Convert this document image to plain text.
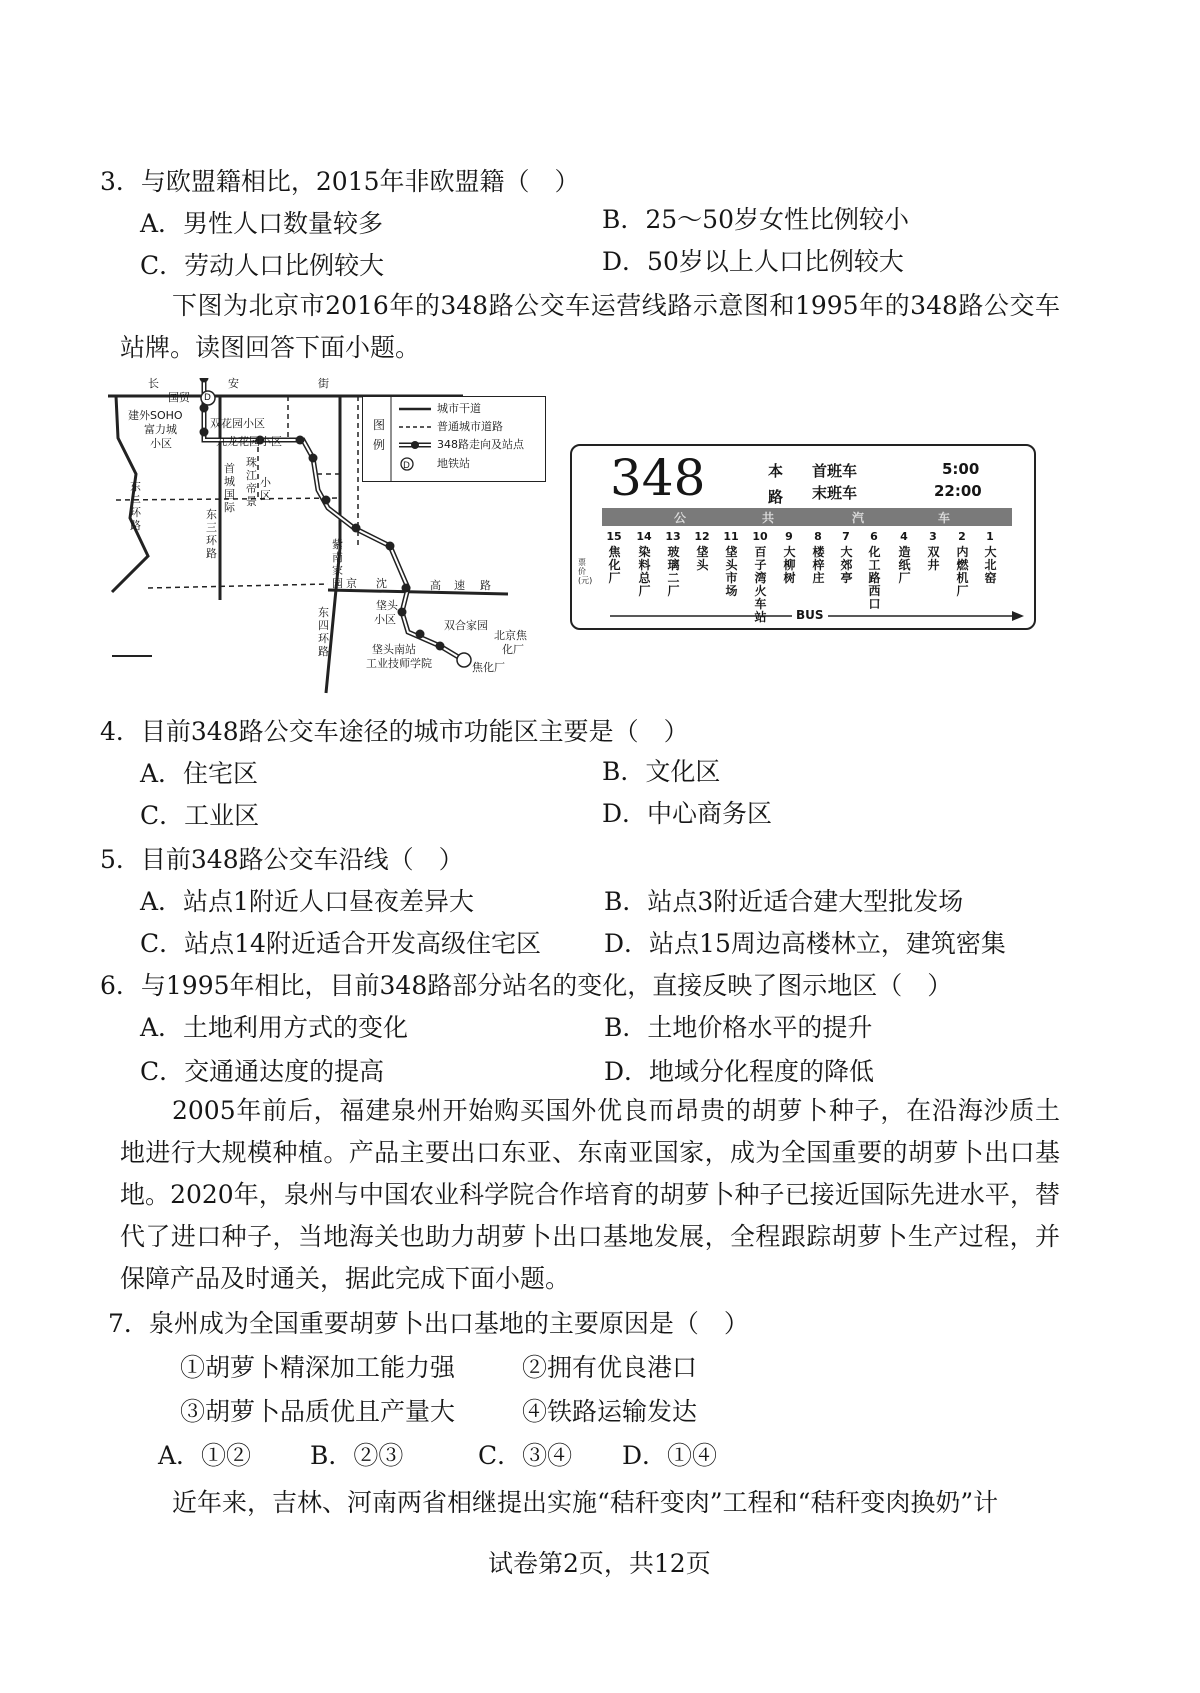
3．与欧盟籍相比，2015年非欧盟籍（　）
A．男性人口数量较多	B．25～50岁女性比例较小
C．劳动人口比例较大	D．50岁以上人口比例较大
下图为北京市2016年的348路公交车运营线路示意图和1995年的348路公交车站牌。读图回答下面小题。
长	安	街
东二环路
东三环路
东四环路
京 沈	高 速 路
国贸
建外SOHO
富力城
小区
双花园小区
九龙花园小区
首城国际
珠江帝景
小区
紫南家园
垡头
小区	双合家园
北京焦
化厂
垡头南站
工业技师学院	焦化厂
D
图例
D
城市干道
普通城市道路
348路走向及站点
地铁站	348	本
路
首班车
末班车
5:00
22:00
公	共	汽	车
15
焦化厂
14
染料总厂
13
玻璃二厂
12
垡头
11
垡头市场
10
百子湾火车站
9
大柳树
8
楼梓庄
7
大郊亭
6
化工路西口
4
造纸厂
3
双井
2
内燃机厂
1
大北窑
票价(元)
BUS
4．目前348路公交车途径的城市功能区主要是（　）
A．住宅区	B．文化区
C．工业区	D．中心商务区
5．目前348路公交车沿线（　）
A．站点1附近人口昼夜差异大	B．站点3附近适合建大型批发场
C．站点14附近适合开发高级住宅区	D．站点15周边高楼林立，建筑密集
6．与1995年相比，目前348路部分站名的变化，直接反映了图示地区（　）
A．土地利用方式的变化	B．土地价格水平的提升
C．交通通达度的提高	D．地域分化程度的降低
2005年前后，福建泉州开始购买国外优良而昂贵的胡萝卜种子，在沿海沙质土地进行大规模种植。产品主要出口东亚、东南亚国家，成为全国重要的胡萝卜出口基地。2020年，泉州与中国农业科学院合作培育的胡萝卜种子已接近国际先进水平，替代了进口种子，当地海关也助力胡萝卜出口基地发展，全程跟踪胡萝卜生产过程，并保障产品及时通关，据此完成下面小题。
7．泉州成为全国重要胡萝卜出口基地的主要原因是（　）
①胡萝卜精深加工能力强	②拥有优良港口
③胡萝卜品质优且产量大	④铁路运输发达
A．①② B．②③	C．③④ D．①④
近年来，吉林、河南两省相继提出实施“秸秆变肉”工程和“秸秆变肉换奶”计
试卷第2页，共12页
